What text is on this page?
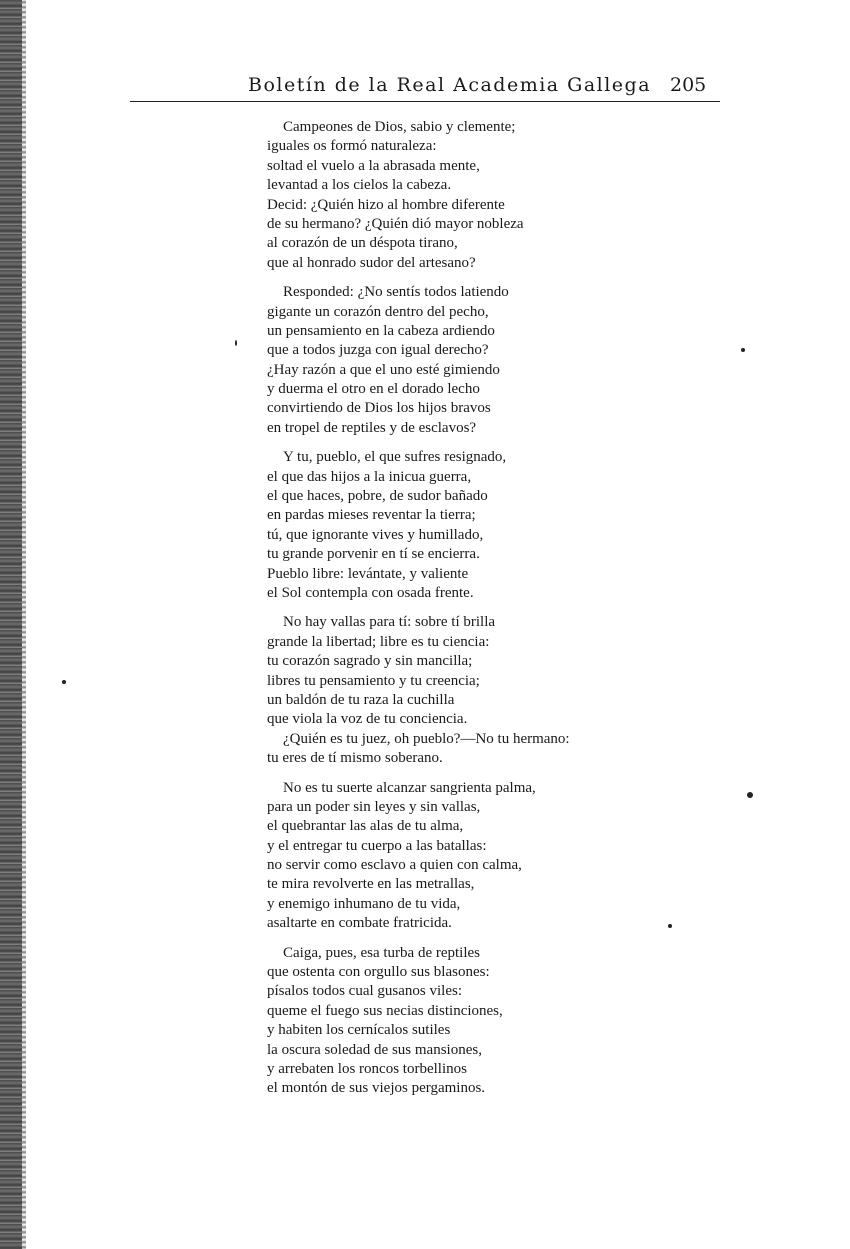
Boletín de la Real Academia Gallega 205
Campeones de Dios, sabio y clemente;
iguales os formó naturaleza:
soltad el vuelo a la abrasada mente,
levantad a los cielos la cabeza.
Decid: ¿Quién hizo al hombre diferente
de su hermano? ¿Quién dió mayor nobleza
al corazón de un déspota tirano,
que al honrado sudor del artesano?
Responded: ¿No sentís todos latiendo
gigante un corazón dentro del pecho,
un pensamiento en la cabeza ardiendo
que a todos juzga con igual derecho?
¿Hay razón a que el uno esté gimiendo
y duerma el otro en el dorado lecho
convirtiendo de Dios los hijos bravos
en tropel de reptiles y de esclavos?
Y tu, pueblo, el que sufres resignado,
el que das hijos a la inicua guerra,
el que haces, pobre, de sudor bañado
en pardas mieses reventar la tierra;
tú, que ignorante vives y humillado,
tu grande porvenir en tí se encierra.
Pueblo libre: levántate, y valiente
el Sol contempla con osada frente.
No hay vallas para tí: sobre tí brilla
grande la libertad; libre es tu ciencia:
tu corazón sagrado y sin mancilla;
libres tu pensamiento y tu creencia;
un baldón de tu raza la cuchilla
que viola la voz de tu conciencia.
¿Quién es tu juez, oh pueblo?—No tu hermano:
tu eres de tí mismo soberano.
No es tu suerte alcanzar sangrienta palma,
para un poder sin leyes y sin vallas,
el quebrantar las alas de tu alma,
y el entregar tu cuerpo a las batallas:
no servir como esclavo a quien con calma,
te mira revolverte en las metrallas,
y enemigo inhumano de tu vida,
asaltarte en combate fratricida.
Caiga, pues, esa turba de reptiles
que ostenta con orgullo sus blasones:
písalos todos cual gusanos viles:
queme el fuego sus necias distinciones,
y habiten los cernícalos sutiles
la oscura soledad de sus mansiones,
y arrebaten los roncos torbellinos
el montón de sus viejos pergaminos.
